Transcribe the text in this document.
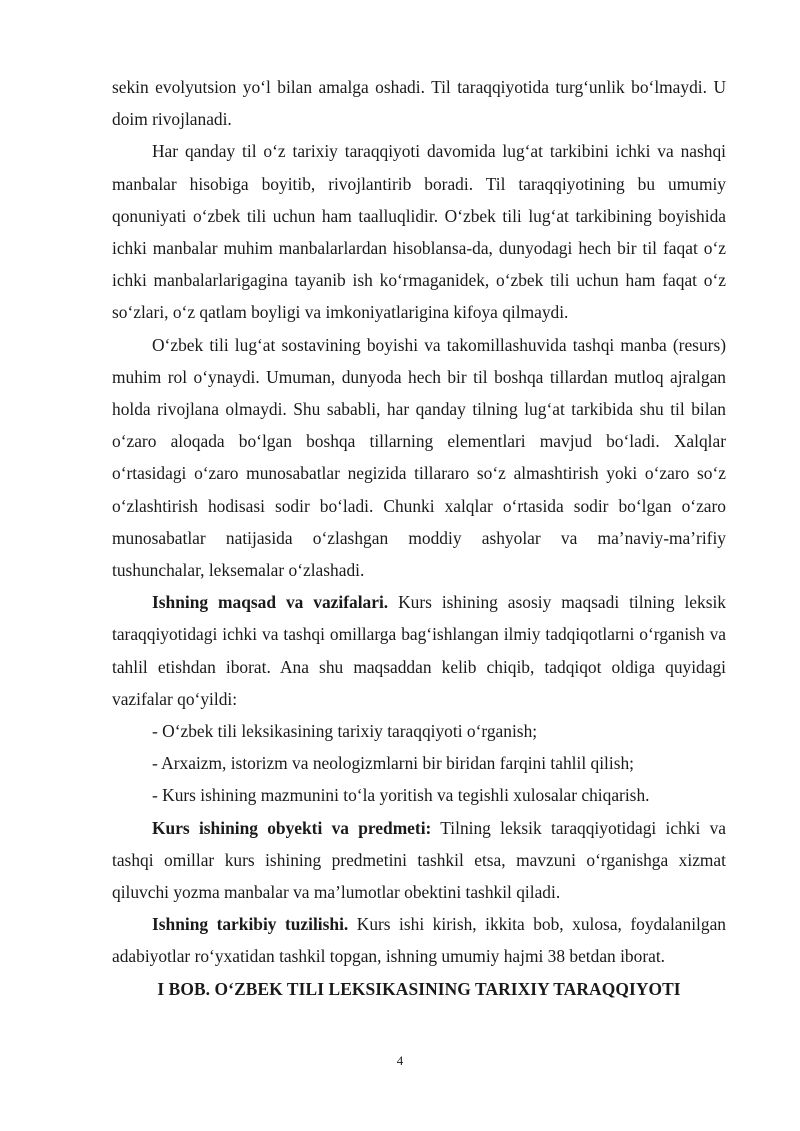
sekin evolyutsion yo‘l bilan amalga oshadi. Til taraqqiyotida turg‘unlik bo‘lmaydi. U doim rivojlanadi.

Har qanday til o‘z tarixiy taraqqiyoti davomida lug‘at tarkibini ichki va nashqi manbalar hisobiga boyitib, rivojlantirib boradi. Til taraqqiyotining bu umumiy qonuniyati o‘zbek tili uchun ham taalluqlidir. O‘zbek tili lug‘at tarkibining boyishida ichki manbalar muhim manbalarlardan hisoblansa-da, dunyodagi hech bir til faqat o‘z ichki manbalarlarigagina tayanib ish ko‘rmaganidek, o‘zbek tili uchun ham faqat o‘z so‘zlari, o‘z qatlam boyligi va imkoniyatlarigina kifoya qilmaydi.

O‘zbek tili lug‘at sostavining boyishi va takomillashuvida tashqi manba (resurs) muhim rol o‘ynaydi. Umuman, dunyoda hech bir til boshqa tillardan mutloq ajralgan holda rivojlana olmaydi. Shu sababli, har qanday tilning lug‘at tarkibida shu til bilan o‘zaro aloqada bo‘lgan boshqa tillarning elementlari mavjud bo‘ladi. Xalqlar o‘rtasidagi o‘zaro munosabatlar negizida tillararo so‘z almashtirish yoki o‘zaro so‘z o‘zlashtirish hodisasi sodir bo‘ladi. Chunki xalqlar o‘rtasida sodir bo‘lgan o‘zaro munosabatlar natijasida o‘zlashgan moddiy ashyolar va ma’naviy-ma’rifiy tushunchalar, leksemalar o‘zlashadi.

Ishning maqsad va vazifalari. Kurs ishining asosiy maqsadi tilning leksik taraqqiyotidagi ichki va tashqi omillarga bag‘ishlangan ilmiy tadqiqotlarni o‘rganish va tahlil etishdan iborat. Ana shu maqsaddan kelib chiqib, tadqiqot oldiga quyidagi vazifalar qo‘yildi:

- O‘zbek tili leksikasining tarixiy taraqqiyoti o‘rganish;

- Arxaizm, istorizm va neologizmlarni bir biridan farqini tahlil qilish;

- Kurs ishining mazmunini to‘la yoritish va tegishli xulosalar chiqarish.

Kurs ishining obyekti va predmeti: Tilning leksik taraqqiyotidagi ichki va tashqi omillar kurs ishining predmetini tashkil etsa, mavzuni o‘rganishga xizmat qiluvchi yozma manbalar va ma’lumotlar obektini tashkil qiladi.

Ishning tarkibiy tuzilishi. Kurs ishi kirish, ikkita bob, xulosa, foydalanilgan adabiyotlar ro‘yxatidan tashkil topgan, ishning umumiy hajmi 38 betdan iborat.

I BOB. O‘ZBEK TILI LEKSIKASINING TARIXIY TARAQQIYOTI
4
